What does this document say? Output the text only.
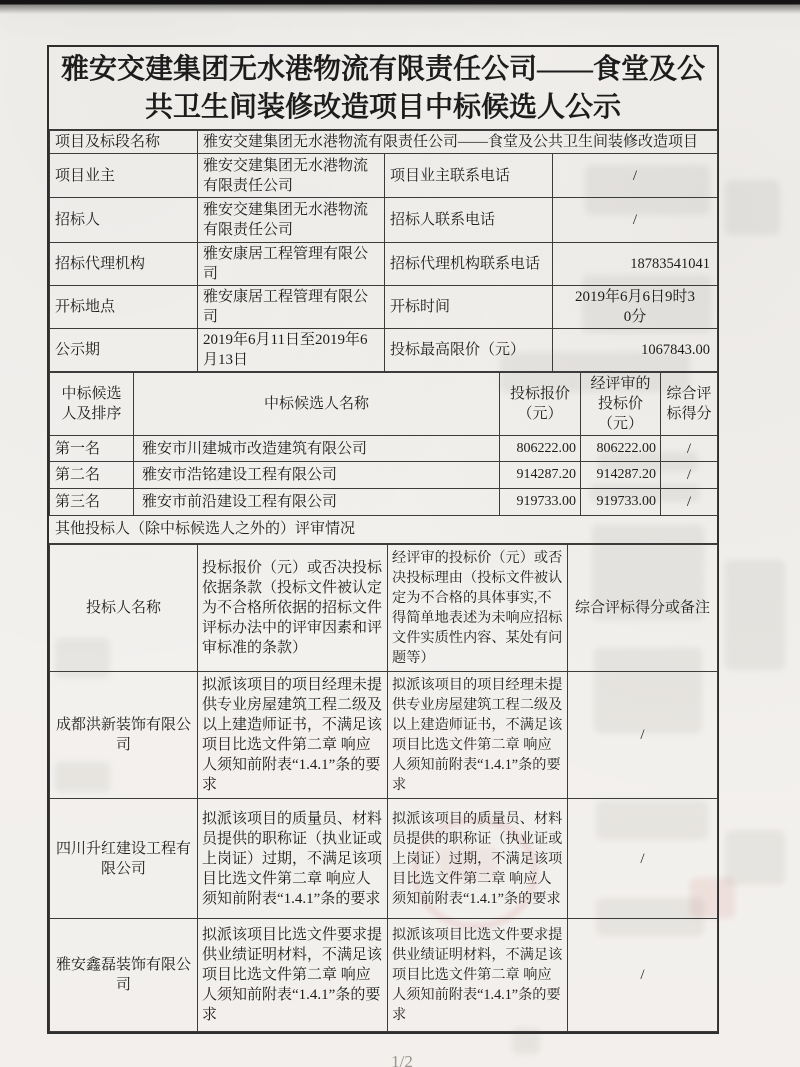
雅安交建集团无水港物流有限责任公司——食堂及公共卫生间装修改造项目中标候选人公示
项目及标段名称	雅安交建集团无水港物流有限责任公司——食堂及公共卫生间装修改造项目		
项目业主	雅安交建集团无水港物流有限责任公司	项目业主联系电话	/
招标人	雅安交建集团无水港物流有限责任公司	招标人联系电话	/
招标代理机构	雅安康居工程管理有限公司	招标代理机构联系电话	18783541041
开标地点	雅安康居工程管理有限公司	开标时间	2019年6月6日9时30分
公示期	2019年6月11日至2019年6月13日	投标最高限价（元）	1067843.00
中标候选人及排序	中标候选人名称	投标报价（元）	经评审的投标价（元）	综合评标得分
第一名	雅安市川建城市改造建筑有限公司	806222.00	806222.00	/
第二名	雅安市浩铭建设工程有限公司	914287.20	914287.20	/
第三名	雅安市前沿建设工程有限公司	919733.00	919733.00	/
其他投标人（除中标候选人之外的）评审情况
投标人名称	投标报价（元）或否决投标依据条款（投标文件被认定为不合格所依据的招标文件评标办法中的评审因素和评审标准的条款）	经评审的投标价（元）或否决投标理由（投标文件被认定为不合格的具体事实,不得简单地表述为未响应招标文件实质性内容、某处有问题等）	综合评标得分或备注
成都洪新装饰有限公司	拟派该项目的项目经理未提供专业房屋建筑工程二级及以上建造师证书，不满足该项目比选文件第二章 响应人须知前附表“1.4.1”条的要求	拟派该项目的项目经理未提供专业房屋建筑工程二级及以上建造师证书，不满足该项目比选文件第二章 响应人须知前附表“1.4.1”条的要求	/
四川升红建设工程有限公司	拟派该项目的质量员、材料员提供的职称证（执业证或上岗证）过期，不满足该项目比选文件第二章 响应人须知前附表“1.4.1”条的要求	拟派该项目的质量员、材料员提供的职称证（执业证或上岗证）过期，不满足该项目比选文件第二章 响应人须知前附表“1.4.1”条的要求	/
雅安鑫磊装饰有限公司	拟派该项目比选文件要求提供业绩证明材料，不满足该项目比选文件第二章 响应人须知前附表“1.4.1”条的要求	拟派该项目比选文件要求提供业绩证明材料，不满足该项目比选文件第二章 响应人须知前附表“1.4.1”条的要求	/
1/2
